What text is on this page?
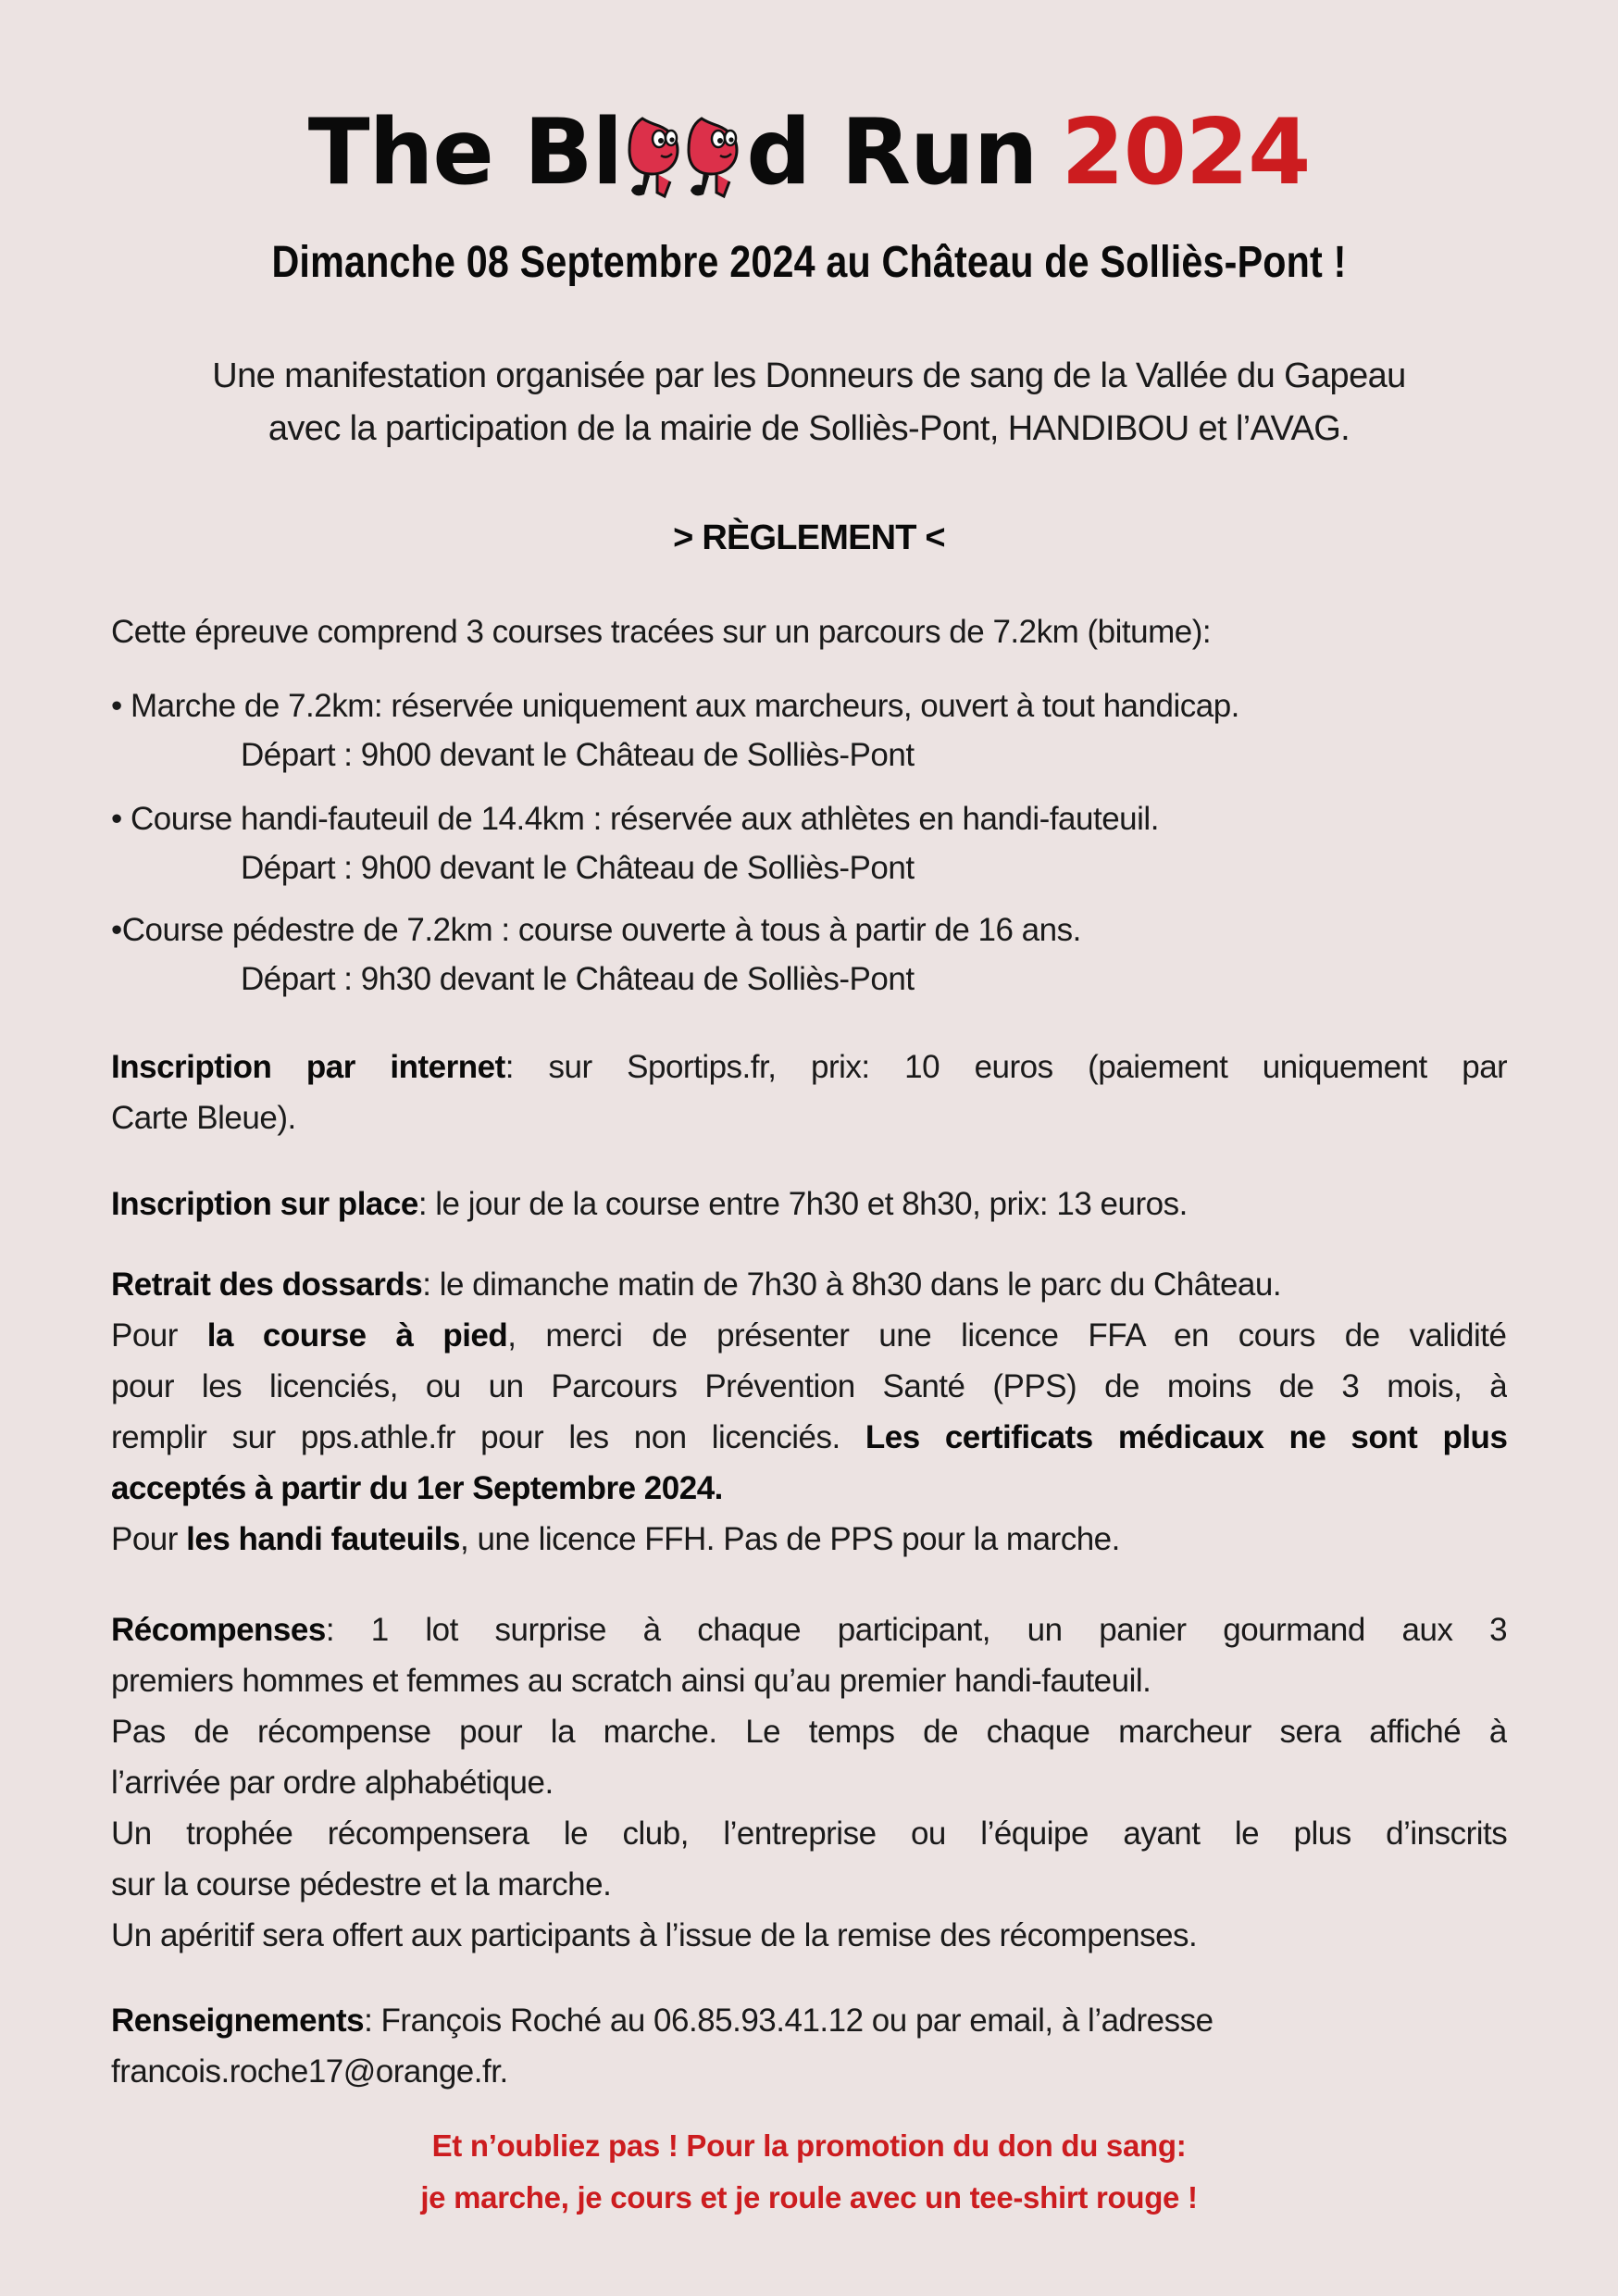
The Bl d Run 2024
Dimanche 08 Septembre 2024 au Château de Solliès-Pont !
Une manifestation organisée par les Donneurs de sang de la Vallée du Gapeau
avec la participation de la mairie de Solliès-Pont, HANDIBOU et l’AVAG.
> RÈGLEMENT <
Cette épreuve comprend 3 courses tracées sur un parcours de 7.2km (bitume):
• Marche de 7.2km: réservée uniquement aux marcheurs, ouvert à tout handicap.
Départ : 9h00 devant le Château de Solliès-Pont
• Course handi-fauteuil de 14.4km : réservée aux athlètes en handi-fauteuil.
Départ : 9h00 devant le Château de Solliès-Pont
•Course pédestre de 7.2km : course ouverte à tous à partir de 16 ans.
Départ : 9h30 devant le Château de Solliès-Pont
Inscription par internet: sur Sportips.fr, prix: 10 euros (paiement uniquement par
Carte Bleue).
Inscription sur place: le jour de la course entre 7h30 et 8h30, prix: 13 euros.
Retrait des dossards: le dimanche matin de 7h30 à 8h30 dans le parc du Château.
Pour la course à pied, merci de présenter une licence FFA en cours de validité
pour les licenciés, ou un Parcours Prévention Santé (PPS) de moins de 3 mois, à
remplir sur pps.athle.fr pour les non licenciés. Les certificats médicaux ne sont plus
acceptés à partir du 1er Septembre 2024.
Pour les handi fauteuils, une licence FFH. Pas de PPS pour la marche.
Récompenses: 1 lot surprise à chaque participant, un panier gourmand aux 3
premiers hommes et femmes au scratch ainsi qu’au premier handi-fauteuil.
Pas de récompense pour la marche. Le temps de chaque marcheur sera affiché à
l’arrivée par ordre alphabétique.
Un trophée récompensera le club, l’entreprise ou l’équipe ayant le plus d’inscrits
sur la course pédestre et la marche.
Un apéritif sera offert aux participants à l’issue de la remise des récompenses.
Renseignements: François Roché au 06.85.93.41.12 ou par email, à l’adresse
francois.roche17@orange.fr.
Et n’oubliez pas ! Pour la promotion du don du sang:
je marche, je cours et je roule avec un tee-shirt rouge !
